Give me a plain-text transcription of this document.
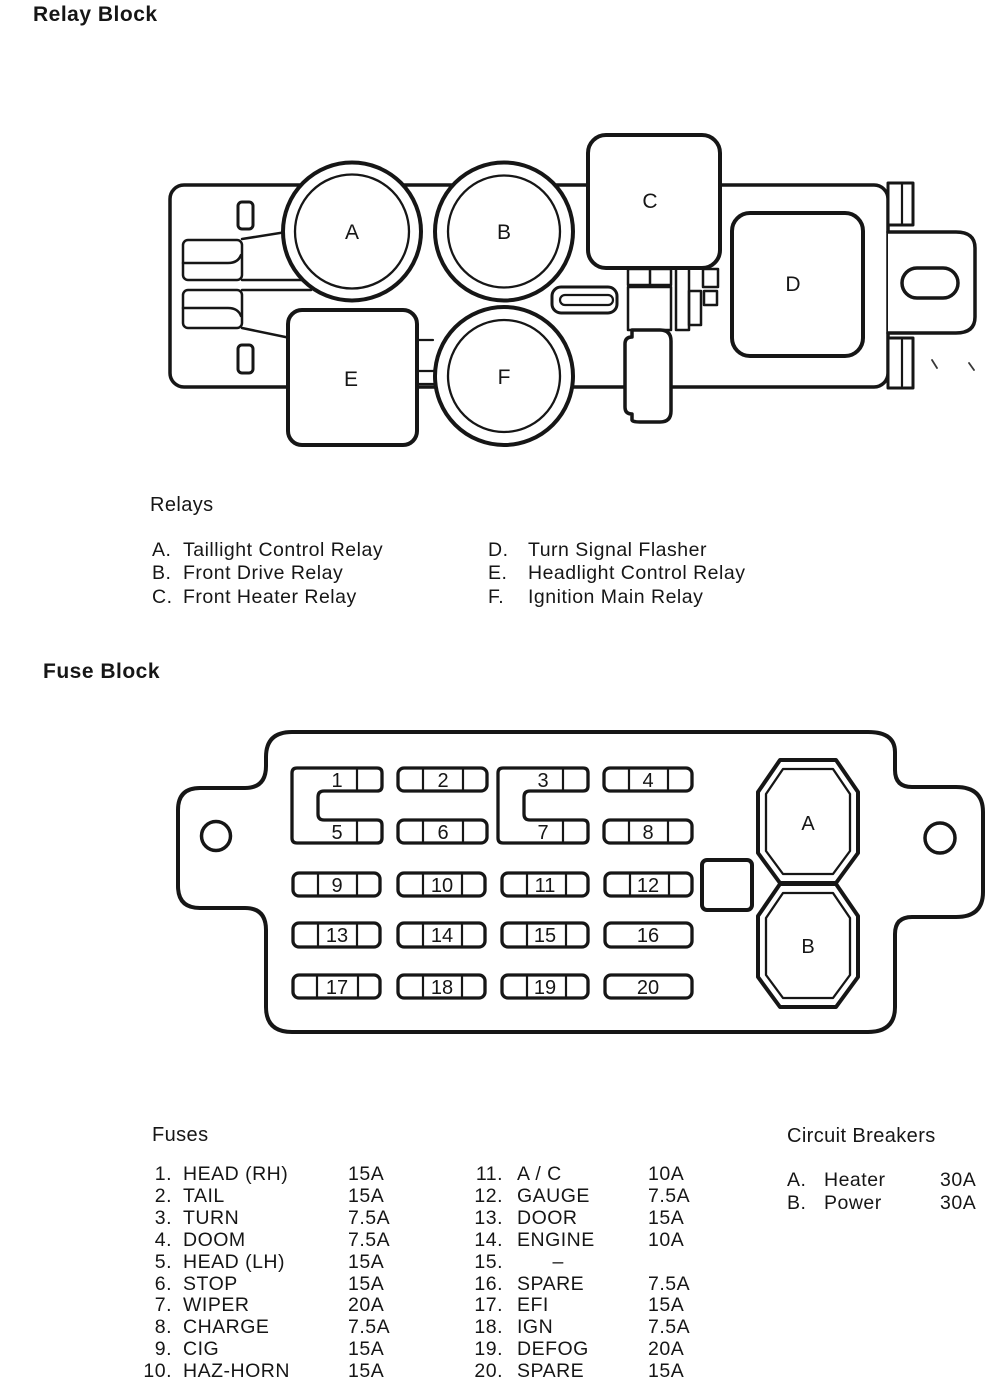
Relay Block
A	B
C
D
E	F
Relays
A. Taillight Control Relay
B. Front Drive Relay
C. Front Heater Relay
D.	Turn Signal Flasher
E.	Headlight Control Relay
F.	Ignition Main Relay
Fuse Block
1	2	3	4
5	6	7	8
9	10	11	12
13	14	15	16
17	18	19	20
A
B
Fuses
1. HEAD (RH)	15A
2. TAIL	15A
3. TURN	7.5A
4. DOOM	7.5A
5. HEAD (LH)	15A
6. STOP	15A
7. WIPER	20A
8. CHARGE	7.5A
9. CIG	15A
10. HAZ-HORN	15A
11. A / C	10A
12. GAUGE	7.5A
13. DOOR	15A
14. ENGINE	10A
15. –
16. SPARE	7.5A
17. EFI	15A
18. IGN	7.5A
19. DEFOG	20A
20. SPARE	15A
Circuit Breakers
A. Heater	30A
B. Power	30A
